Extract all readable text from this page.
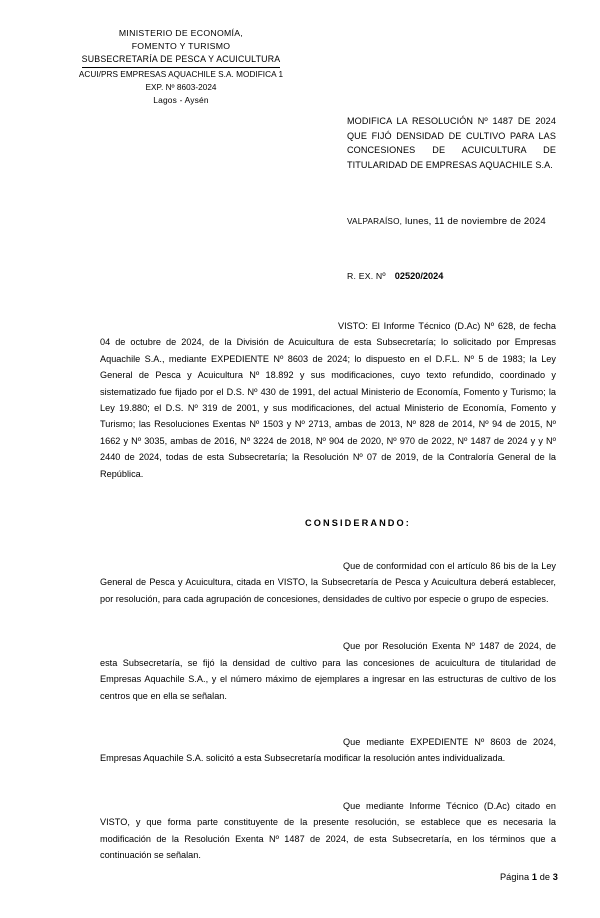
MINISTERIO DE ECONOMÍA,
FOMENTO Y TURISMO
SUBSECRETARÍA DE PESCA Y ACUICULTURA
ACUI/PRS EMPRESAS AQUACHILE S.A. MODIFICA 1
EXP. Nº 8603-2024
Lagos - Aysén
MODIFICA LA RESOLUCIÓN Nº 1487 DE 2024 QUE FIJÓ DENSIDAD DE CULTIVO PARA LAS CONCESIONES DE ACUICULTURA DE TITULARIDAD DE EMPRESAS AQUACHILE S.A.
VALPARAÍSO, lunes, 11 de noviembre de 2024
R. EX. Nº 02520/2024

VISTO: El Informe Técnico (D.Ac) Nº 628, de fecha 04 de octubre de 2024, de la División de Acuicultura de esta Subsecretaría; lo solicitado por Empresas Aquachile S.A., mediante EXPEDIENTE Nº 8603 de 2024; lo dispuesto en el D.F.L. Nº 5 de 1983; la Ley General de Pesca y Acuicultura Nº 18.892 y sus modificaciones, cuyo texto refundido, coordinado y sistematizado fue fijado por el D.S. Nº 430 de 1991, del actual Ministerio de Economía, Fomento y Turismo; la Ley 19.880; el D.S. Nº 319 de 2001, y sus modificaciones, del actual Ministerio de Economía, Fomento y Turismo; las Resoluciones Exentas Nº 1503 y Nº 2713, ambas de 2013, Nº 828 de 2014, Nº 94 de 2015, Nº 1662 y Nº 3035, ambas de 2016, Nº 3224 de 2018, Nº 904 de 2020, Nº 970 de 2022, Nº 1487 de 2024 y y Nº 2440 de 2024, todas de esta Subsecretaría; la Resolución Nº 07 de 2019, de la Contraloría General de la República.

CONSIDERANDO:

Que de conformidad con el artículo 86 bis de la Ley General de Pesca y Acuicultura, citada en VISTO, la Subsecretaría de Pesca y Acuicultura deberá establecer, por resolución, para cada agrupación de concesiones, densidades de cultivo por especie o grupo de especies.

Que por Resolución Exenta Nº 1487 de 2024, de esta Subsecretaría, se fijó la densidad de cultivo para las concesiones de acuicultura de titularidad de Empresas Aquachile S.A., y el número máximo de ejemplares a ingresar en las estructuras de cultivo de los centros que en ella se señalan.

Que mediante EXPEDIENTE Nº 8603 de 2024, Empresas Aquachile S.A. solicitó a esta Subsecretaría modificar la resolución antes individualizada.

Que mediante Informe Técnico (D.Ac) citado en VISTO, y que forma parte constituyente de la presente resolución, se establece que es necesaria la modificación de la Resolución Exenta Nº 1487 de 2024, de esta Subsecretaría, en los términos que a continuación se señalan.

Página 1 de 3
